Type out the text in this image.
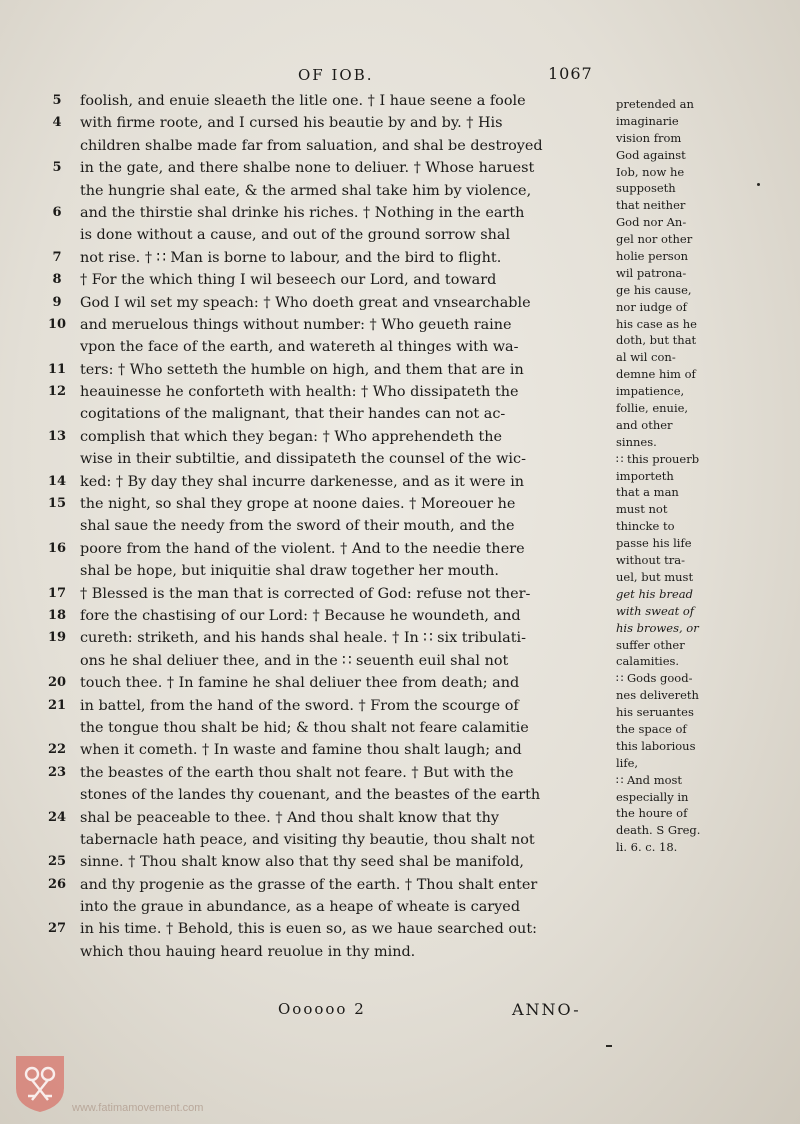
OF IOB.	1067
5	foolish, and enuie sleaeth the litle one. † I haue seene a foole
4	with firme roote, and I cursed his beautie by and by. † His
children shalbe made far from saluation, and shal be destroyed
5	in the gate, and there shalbe none to deliuer. † Whose haruest
the hungrie shal eate, & the armed shal take him by violence,
6	and the thirstie shal drinke his riches. † Nothing in the earth
is done without a cause, and out of the ground sorrow shal
7	not rise. † ∷ Man is borne to labour, and the bird to flight.
8	† For the which thing I wil beseech our Lord, and toward
9	God I wil set my speach: † Who doeth great and vnsearchable
10 and meruelous things without number: † Who geueth raine
vpon the face of the earth, and watereth al thinges with wa-
11 ters: † Who setteth the humble on high, and them that are in
12 heauinesse he conforteth with health: † Who dissipateth the
cogitations of the malignant, that their handes can not ac-
13 complish that which they began: † Who apprehendeth the
wise in their subtiltie, and dissipateth the counsel of the wic-
14 ked: † By day they shal incurre darkenesse, and as it were in
15 the night, so shal they grope at noone daies. † Moreouer he
shal saue the needy from the sword of their mouth, and the
16 poore from the hand of the violent. † And to the needie there
shal be hope, but iniquitie shal draw together her mouth.
17 † Blessed is the man that is corrected of God: refuse not ther-
18 fore the chastising of our Lord: † Because he woundeth, and
19 cureth: striketh, and his hands shal heale. † In ∷ six tribulati-
ons he shal deliuer thee, and in the ∷ seuenth euil shal not
20 touch thee. † In famine he shal deliuer thee from death; and
21 in battel, from the hand of the sword. † From the scourge of
the tongue thou shalt be hid; & thou shalt not feare calamitie
22 when it cometh. † In waste and famine thou shalt laugh; and
23 the beastes of the earth thou shalt not feare. † But with the
stones of the landes thy couenant, and the beastes of the earth
24 shal be peaceable to thee. † And thou shalt know that thy
tabernacle hath peace, and visiting thy beautie, thou shalt not
25 sinne. † Thou shalt know also that thy seed shal be manifold,
26 and thy progenie as the grasse of the earth. † Thou shalt enter
into the graue in abundance, as a heape of wheate is caryed
27 in his time. † Behold, this is euen so, as we haue searched out:
which thou hauing heard reuolue in thy mind.
pretended an
imaginarie
vision from
God against
Iob, now he
supposeth
that neither
God nor An-
gel nor other
holie person
wil patrona-
ge his cause,
nor iudge of
his case as he
doth, but that
al wil con-
demne him of
impatience,
follie, enuie,
and other
sinnes.
∷ this prouerb
importeth
that a man
must not
thincke to
passe his life
without tra-
uel, but must
get his bread
with sweat of
his browes, or
suffer other
calamities.
∷ Gods good-
nes delivereth
his seruantes
the space of
this laborious
life,
∷ And most
especially in
the houre of
death. S Greg.
li. 6. c. 18.
Oooooo 2	ANNO-
www.fatimamovement.com
